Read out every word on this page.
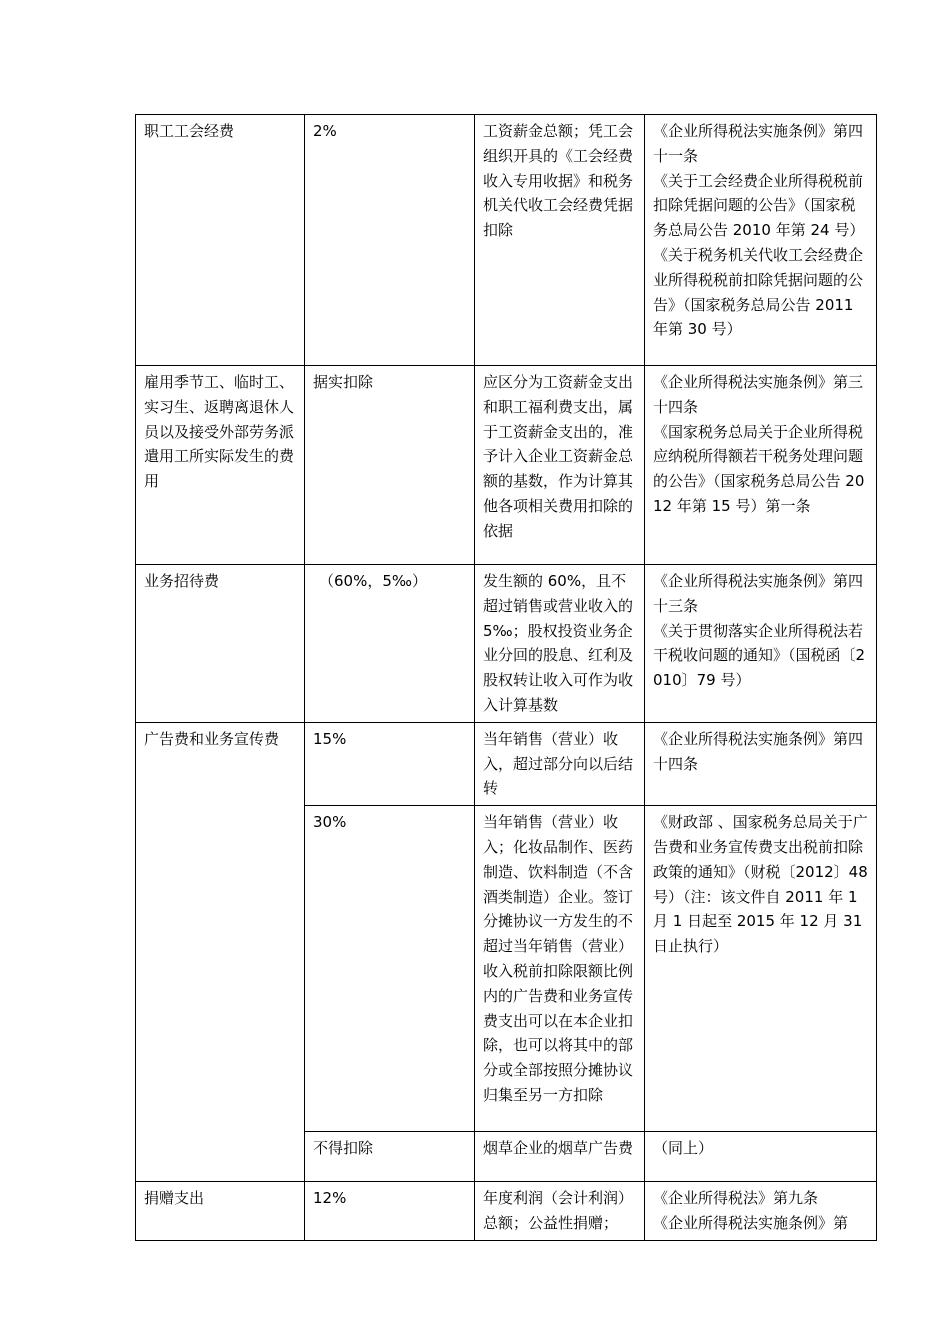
职工工会经费	2%	工资薪金总额；凭工会组织开具的《工会经费收入专用收据》和税务机关代收工会经费凭据扣除	《企业所得税法实施条例》第四十一条
《关于工会经费企业所得税税前扣除凭据问题的公告》（国家税务总局公告 2010 年第 24 号）
《关于税务机关代收工会经费企业所得税税前扣除凭据问题的公告》（国家税务总局公告 2011 年第 30 号）

雇用季节工、临时工、实习生、返聘离退休人员以及接受外部劳务派遣用工所实际发生的费用	据实扣除	应区分为工资薪金支出和职工福利费支出，属于工资薪金支出的，准予计入企业工资薪金总额的基数，作为计算其他各项相关费用扣除的依据	《企业所得税法实施条例》第三十四条
《国家税务总局关于企业所得税应纳税所得额若干税务处理问题的公告》（国家税务总局公告 2012 年第 15 号）第一条

业务招待费	（60%，5‰）	发生额的 60%，且不超过销售或营业收入的 5‰；股权投资业务企业分回的股息、红利及股权转让收入可作为收入计算基数	《企业所得税法实施条例》第四十三条
《关于贯彻落实企业所得税法若干税收问题的通知》（国税函〔2010〕79 号）

广告费和业务宣传费	15%	当年销售（营业）收入，超过部分向以后结转	《企业所得税法实施条例》第四十四条

	30%	当年销售（营业）收入；化妆品制作、医药制造、饮料制造（不含酒类制造）企业。签订分摊协议一方发生的不超过当年销售（营业）收入税前扣除限额比例内的广告费和业务宣传费支出可以在本企业扣除，也可以将其中的部分或全部按照分摊协议归集至另一方扣除	《财政部 、国家税务总局关于广告费和业务宣传费支出税前扣除政策的通知》（财税〔2012〕48 号）（注：该文件自 2011 年 1 月 1 日起至 2015 年 12 月 31 日止执行）

	不得扣除	烟草企业的烟草广告费	（同上）

捐赠支出	12%	年度利润（会计利润）总额；公益性捐赠；	《企业所得税法》第九条
《企业所得税法实施条例》第
